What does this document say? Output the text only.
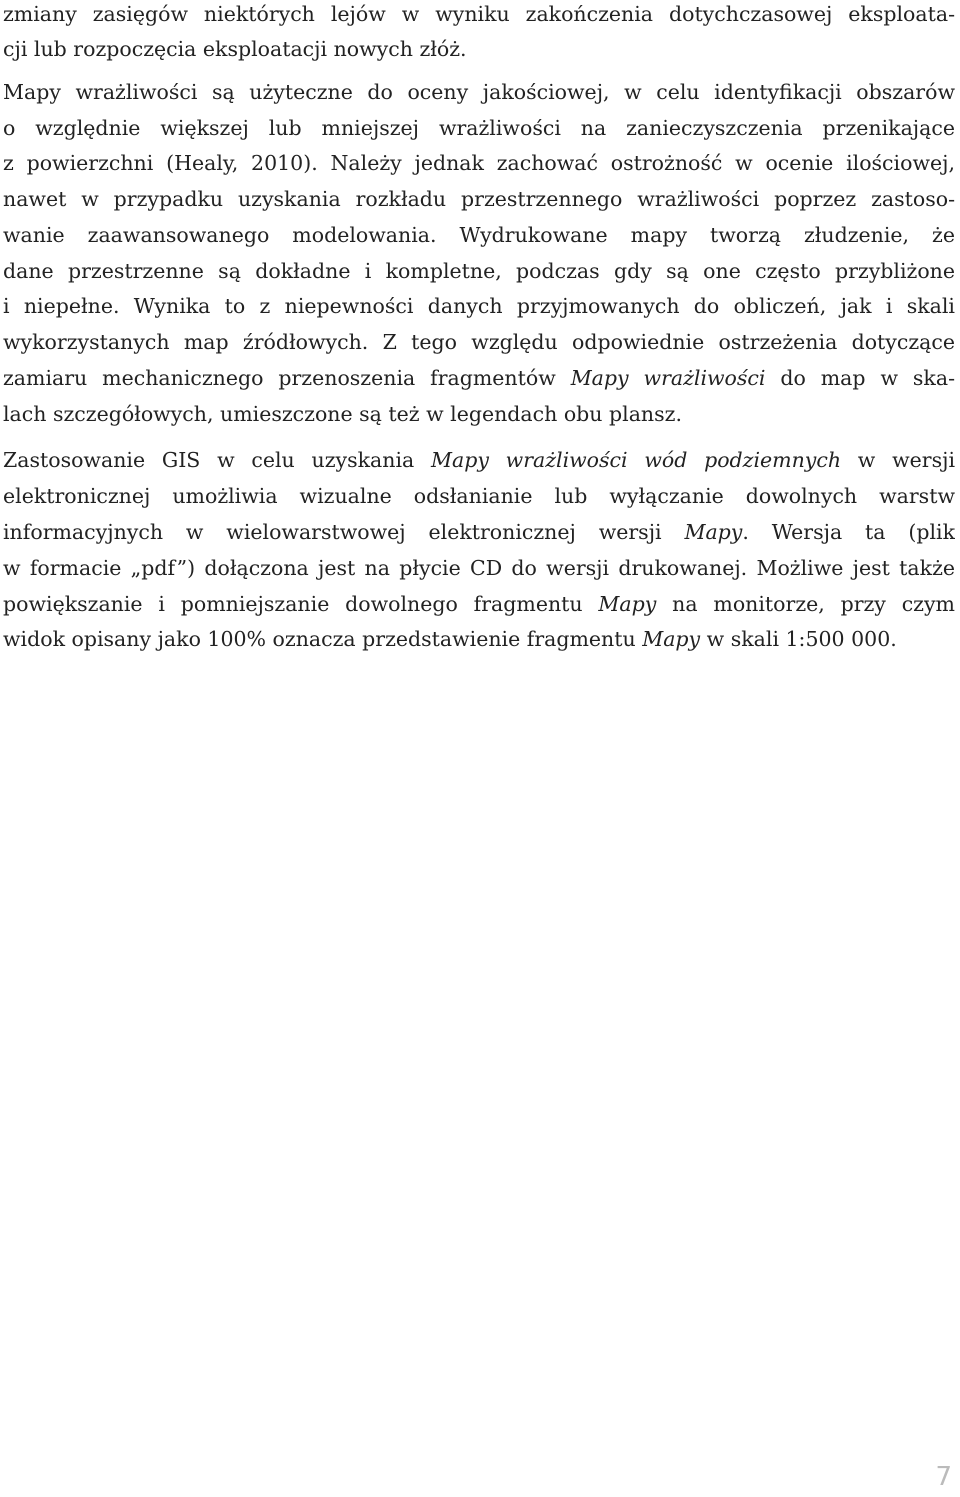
zmiany zasięgów niektórych lejów w wyniku zakończenia dotychczasowej eksploata-
cji lub rozpoczęcia eksploatacji nowych złóż.
Mapy wrażliwości są użyteczne do oceny jakościowej, w celu identyfikacji obszarów
o względnie większej lub mniejszej wrażliwości na zanieczyszczenia przenikające
z powierzchni (Healy, 2010). Należy jednak zachować ostrożność w ocenie ilościowej,
nawet w przypadku uzyskania rozkładu przestrzennego wrażliwości poprzez zastoso-
wanie zaawansowanego modelowania. Wydrukowane mapy tworzą złudzenie, że
dane przestrzenne są dokładne i kompletne, podczas gdy są one często przybliżone
i niepełne. Wynika to z niepewności danych przyjmowanych do obliczeń, jak i skali
wykorzystanych map źródłowych. Z tego względu odpowiednie ostrzeżenia dotyczące
zamiaru mechanicznego przenoszenia fragmentów Mapy wrażliwości do map w ska-
lach szczegółowych, umieszczone są też w legendach obu plansz.
Zastosowanie GIS w celu uzyskania Mapy wrażliwości wód podziemnych w wersji
elektronicznej umożliwia wizualne odsłanianie lub wyłączanie dowolnych warstw
informacyjnych w wielowarstwowej elektronicznej wersji Mapy. Wersja ta (plik
w formacie „pdf”) dołączona jest na płycie CD do wersji drukowanej. Możliwe jest także
powiększanie i pomniejszanie dowolnego fragmentu Mapy na monitorze, przy czym
widok opisany jako 100% oznacza przedstawienie fragmentu Mapy w skali 1:500 000.
7
